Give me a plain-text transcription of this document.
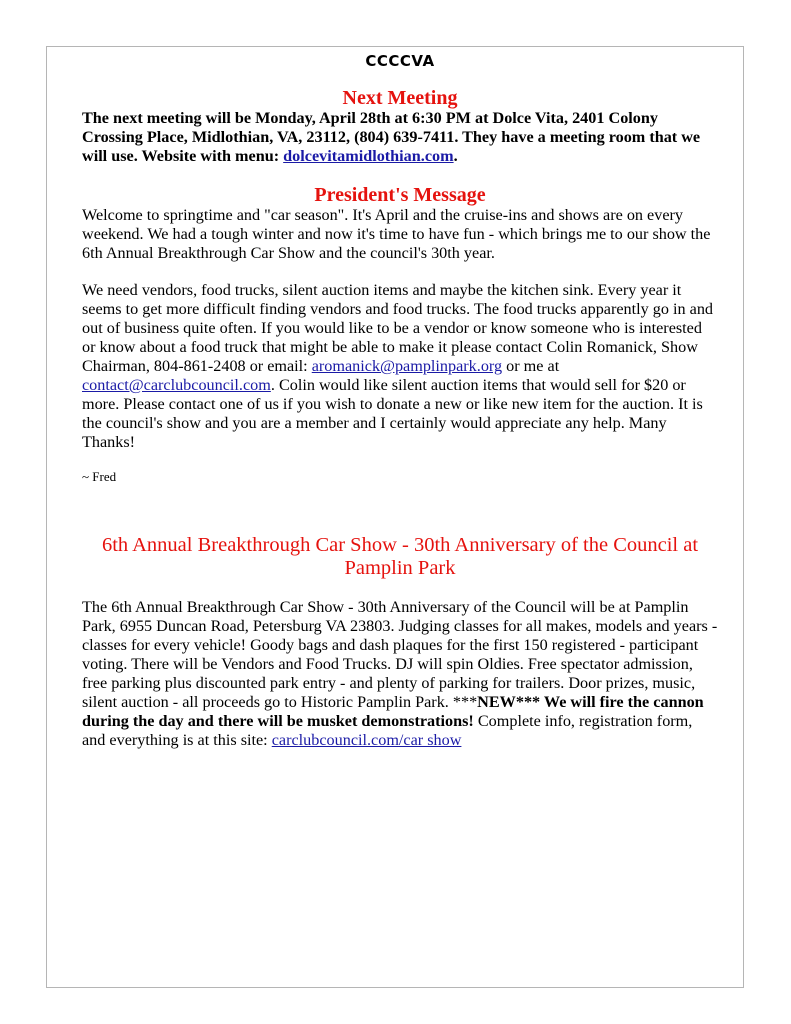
CCCCVA
Next Meeting

The next meeting will be Monday, April 28th at 6:30 PM at Dolce Vita, 2401 Colony Crossing Place, Midlothian, VA, 23112, (804) 639-7411. They have a meeting room that we will use. Website with menu: dolcevitamidlothian.com.

President's Message

Welcome to springtime and "car season". It's April and the cruise-ins and shows are on every weekend. We had a tough winter and now it's time to have fun - which brings me to our show the 6th Annual Breakthrough Car Show and the council's 30th year.

We need vendors, food trucks, silent auction items and maybe the kitchen sink. Every year it seems to get more difficult finding vendors and food trucks. The food trucks apparently go in and out of business quite often. If you would like to be a vendor or know someone who is interested or know about a food truck that might be able to make it please contact Colin Romanick, Show Chairman, 804-861-2408 or email: aromanick@pamplinpark.org or me at contact@carclubcouncil.com. Colin would like silent auction items that would sell for $20 or more. Please contact one of us if you wish to donate a new or like new item for the auction. It is the council's show and you are a member and I certainly would appreciate any help. Many Thanks!

~ Fred

6th Annual Breakthrough Car Show - 30th Anniversary of the Council at Pamplin Park

The 6th Annual Breakthrough Car Show - 30th Anniversary of the Council will be at Pamplin Park, 6955 Duncan Road, Petersburg VA 23803. Judging classes for all makes, models and years - classes for every vehicle! Goody bags and dash plaques for the first 150 registered - participant voting. There will be Vendors and Food Trucks. DJ will spin Oldies. Free spectator admission, free parking plus discounted park entry - and plenty of parking for trailers. Door prizes, music, silent auction - all proceeds go to Historic Pamplin Park. ***NEW*** We will fire the cannon during the day and there will be musket demonstrations! Complete info, registration form, and everything is at this site: carclubcouncil.com/car show
